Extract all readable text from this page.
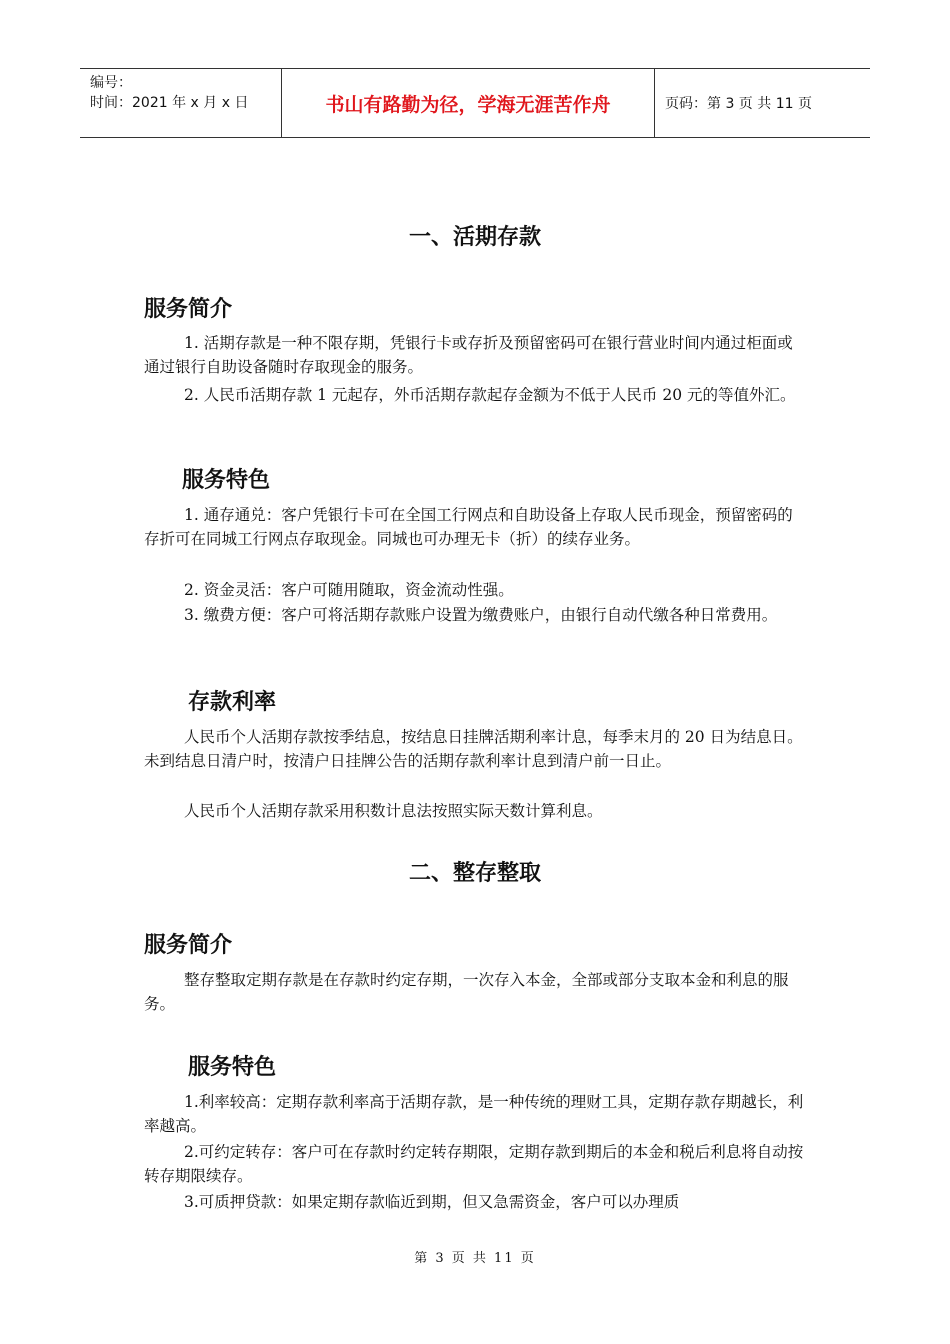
编号：
时间：2021 年 x 月 x 日	书山有路勤为径，学海无涯苦作舟	页码：第 3 页 共 11 页
一、活期存款
服务简介

1. 活期存款是一种不限存期，凭银行卡或存折及预留密码可在银行营业时间内通过柜面或通过银行自助设备随时存取现金的服务。

2. 人民币活期存款 1 元起存，外币活期存款起存金额为不低于人民币 20 元的等值外汇。

服务特色

1. 通存通兑：客户凭银行卡可在全国工行网点和自助设备上存取人民币现金，预留密码的存折可在同城工行网点存取现金。同城也可办理无卡（折）的续存业务。

2. 资金灵活：客户可随用随取，资金流动性强。

3. 缴费方便：客户可将活期存款账户设置为缴费账户，由银行自动代缴各种日常费用。

存款利率

人民币个人活期存款按季结息，按结息日挂牌活期利率计息，每季末月的 20 日为结息日。未到结息日清户时，按清户日挂牌公告的活期存款利率计息到清户前一日止。

人民币个人活期存款采用积数计息法按照实际天数计算利息。

二、整存整取
服务简介

整存整取定期存款是在存款时约定存期，一次存入本金，全部或部分支取本金和利息的服务。

服务特色

1.利率较高：定期存款利率高于活期存款，是一种传统的理财工具，定期存款存期越长，利率越高。

2.可约定转存：客户可在存款时约定转存期限，定期存款到期后的本金和税后利息将自动按转存期限续存。

3.可质押贷款：如果定期存款临近到期，但又急需资金，客户可以办理质

第 3 页 共 11 页
